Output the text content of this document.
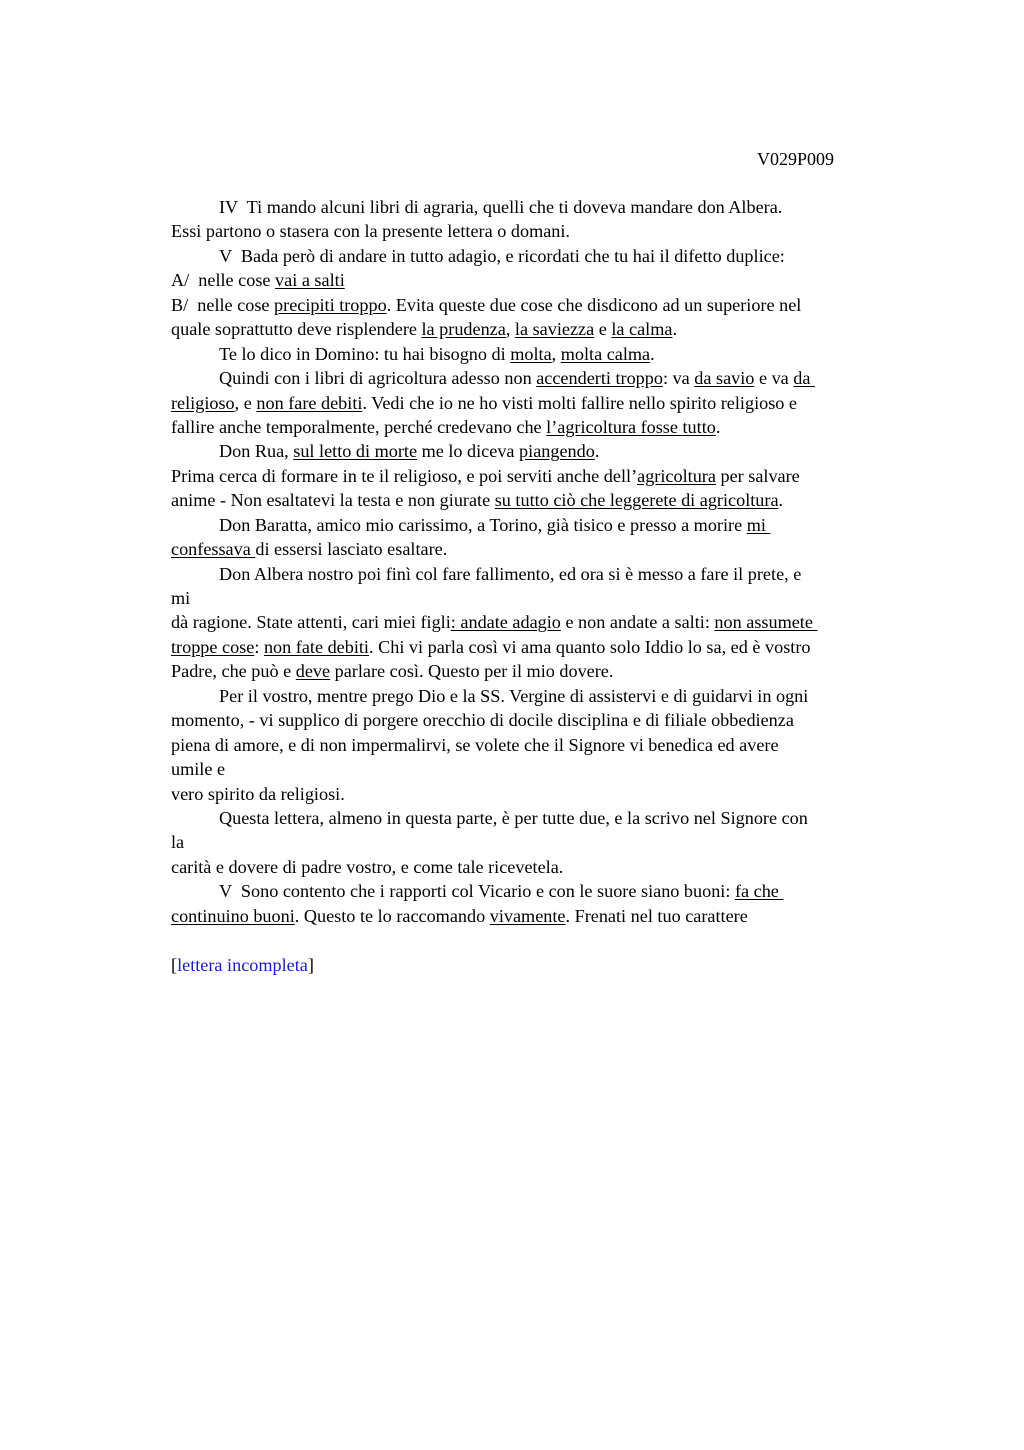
V029P009
IV  Ti mando alcuni libri di agraria, quelli che ti doveva mandare don Albera.
Essi partono o stasera con la presente lettera o domani.
V  Bada però di andare in tutto adagio, e ricordati che tu hai il difetto duplice:
A/  nelle cose vai a salti
B/  nelle cose precipiti troppo. Evita queste due cose che disdicono ad un superiore nel
quale soprattutto deve risplendere la prudenza, la saviezza e la calma.
Te lo dico in Domino: tu hai bisogno di molta, molta calma.
Quindi con i libri di agricoltura adesso non accenderti troppo: va da savio e va da
religioso, e non fare debiti. Vedi che io ne ho visti molti fallire nello spirito religioso e
fallire anche temporalmente, perché credevano che l’agricoltura fosse tutto.
Don Rua, sul letto di morte me lo diceva piangendo.
Prima cerca di formare in te il religioso, e poi serviti anche dell’agricoltura per salvare
anime - Non esaltatevi la testa e non giurate su tutto ciò che leggerete di agricoltura.
Don Baratta, amico mio carissimo, a Torino, già tisico e presso a morire mi
confessava di essersi lasciato esaltare.
Don Albera nostro poi finì col fare fallimento, ed ora si è messo a fare il prete, e
mi
dà ragione. State attenti, cari miei figli: andate adagio e non andate a salti: non assumete
troppe cose: non fate debiti. Chi vi parla così vi ama quanto solo Iddio lo sa, ed è vostro
Padre, che può e deve parlare così. Questo per il mio dovere.
Per il vostro, mentre prego Dio e la SS. Vergine di assistervi e di guidarvi in ogni
momento, - vi supplico di porgere orecchio di docile disciplina e di filiale obbedienza
piena di amore, e di non impermalirvi, se volete che il Signore vi benedica ed avere
umile e
vero spirito da religiosi.
Questa lettera, almeno in questa parte, è per tutte due, e la scrivo nel Signore con
la
carità e dovere di padre vostro, e come tale ricevetela.
V  Sono contento che i rapporti col Vicario e con le suore siano buoni: fa che
continuino buoni. Questo te lo raccomando vivamente. Frenati nel tuo carattere
[lettera incompleta]
